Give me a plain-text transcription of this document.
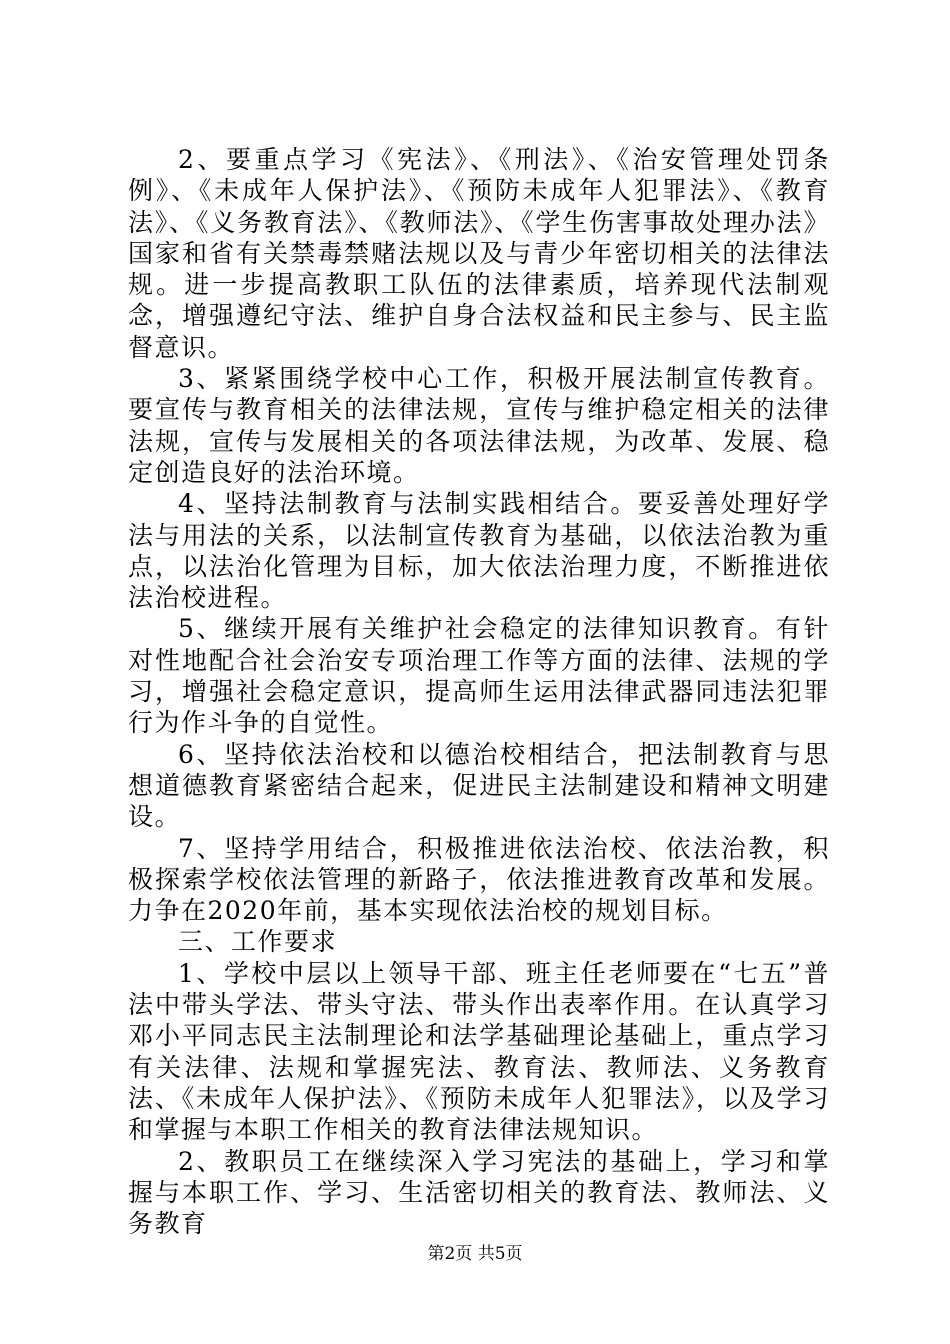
2、要重点学习《宪法》、《刑法》、《治安管理处罚条例》、《未成年人保护法》、《预防未成年人犯罪法》、《教育法》、《义务教育法》、《教师法》、《学生伤害事故处理办法》国家和省有关禁毒禁赌法规以及与青少年密切相关的法律法规。进一步提高教职工队伍的法律素质，培养现代法制观念，增强遵纪守法、维护自身合法权益和民主参与、民主监督意识。

3、紧紧围绕学校中心工作，积极开展法制宣传教育。要宣传与教育相关的法律法规，宣传与维护稳定相关的法律法规，宣传与发展相关的各项法律法规，为改革、发展、稳定创造良好的法治环境。

4、坚持法制教育与法制实践相结合。要妥善处理好学法与用法的关系，以法制宣传教育为基础，以依法治教为重点，以法治化管理为目标，加大依法治理力度，不断推进依法治校进程。

5、继续开展有关维护社会稳定的法律知识教育。有针对性地配合社会治安专项治理工作等方面的法律、法规的学习，增强社会稳定意识，提高师生运用法律武器同违法犯罪行为作斗争的自觉性。

6、坚持依法治校和以德治校相结合，把法制教育与思想道德教育紧密结合起来，促进民主法制建设和精神文明建设。

7、坚持学用结合，积极推进依法治校、依法治教，积极探索学校依法管理的新路子，依法推进教育改革和发展。力争在2020年前，基本实现依法治校的规划目标。

三、工作要求

1、学校中层以上领导干部、班主任老师要在“七五”普法中带头学法、带头守法、带头作出表率作用。在认真学习邓小平同志民主法制理论和法学基础理论基础上，重点学习有关法律、法规和掌握宪法、教育法、教师法、义务教育法、《未成年人保护法》、《预防未成年人犯罪法》，以及学习和掌握与本职工作相关的教育法律法规知识。

2、教职员工在继续深入学习宪法的基础上，学习和掌握与本职工作、学习、生活密切相关的教育法、教师法、义务教育

第2页 共5页
